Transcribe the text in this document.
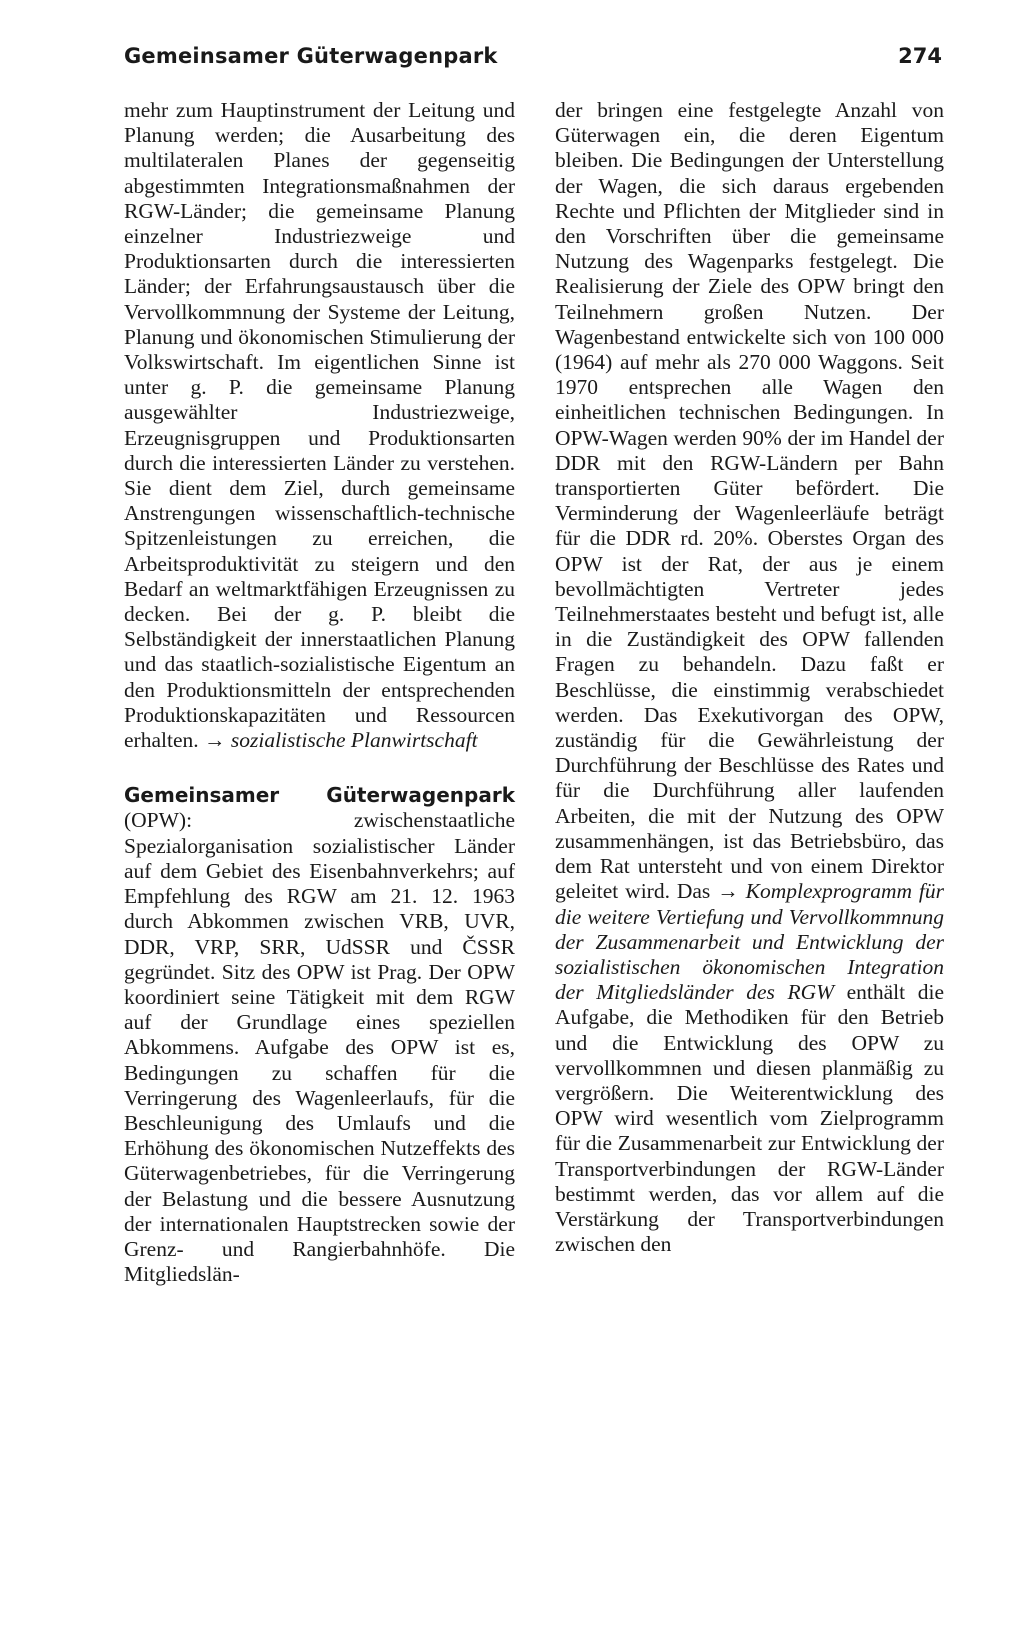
Gemeinsamer Güterwagenpark	274

mehr zum Hauptinstrument der Leitung und Planung werden; die Ausarbeitung des multilateralen Planes der gegenseitig abgestimmten Integrationsmaßnahmen der RGW-Länder; die gemeinsame Planung einzelner Industriezweige und Produktionsarten durch die interessierten Länder; der Erfahrungsaustausch über die Vervollkommnung der Systeme der Leitung, Planung und ökonomischen Stimulierung der Volkswirtschaft. Im eigentlichen Sinne ist unter g. P. die gemeinsame Planung ausgewählter Industriezweige, Erzeugnisgruppen und Produktionsarten durch die interessierten Länder zu verstehen. Sie dient dem Ziel, durch gemeinsame Anstrengungen wissenschaftlich-technische Spitzenleistungen zu erreichen, die Arbeitsproduktivität zu steigern und den Bedarf an weltmarktfähigen Erzeugnissen zu decken. Bei der g. P. bleibt die Selbständigkeit der innerstaatlichen Planung und das staatlich-sozialistische Eigentum an den Produktionsmitteln der entsprechenden Produktionskapazitäten und Ressourcen erhalten. → sozialistische Planwirtschaft

Gemeinsamer Güterwagenpark (OPW): zwischenstaatliche Spezialorganisation sozialistischer Länder auf dem Gebiet des Eisenbahnverkehrs; auf Empfehlung des RGW am 21. 12. 1963 durch Abkommen zwischen VRB, UVR, DDR, VRP, SRR, UdSSR und ČSSR gegründet. Sitz des OPW ist Prag. Der OPW koordiniert seine Tätigkeit mit dem RGW auf der Grundlage eines speziellen Abkommens. Aufgabe des OPW ist es, Bedingungen zu schaffen für die Verringerung des Wagenleerlaufs, für die Beschleunigung des Umlaufs und die Erhöhung des ökonomischen Nutzeffekts des Güterwagenbetriebes, für die Verringerung der Belastung und die bessere Ausnutzung der internationalen Hauptstrecken sowie der Grenz- und Rangierbahnhöfe. Die Mitgliedslän-

der bringen eine festgelegte Anzahl von Güterwagen ein, die deren Eigentum bleiben. Die Bedingungen der Unterstellung der Wagen, die sich daraus ergebenden Rechte und Pflichten der Mitglieder sind in den Vorschriften über die gemeinsame Nutzung des Wagenparks festgelegt. Die Realisierung der Ziele des OPW bringt den Teilnehmern großen Nutzen. Der Wagenbestand entwickelte sich von 100 000 (1964) auf mehr als 270 000 Waggons. Seit 1970 entsprechen alle Wagen den einheitlichen technischen Bedingungen. In OPW-Wagen werden 90% der im Handel der DDR mit den RGW-Ländern per Bahn transportierten Güter befördert. Die Verminderung der Wagenleerläufe beträgt für die DDR rd. 20%. Oberstes Organ des OPW ist der Rat, der aus je einem bevollmächtigten Vertreter jedes Teilnehmerstaates besteht und befugt ist, alle in die Zuständigkeit des OPW fallenden Fragen zu behandeln. Dazu faßt er Beschlüsse, die einstimmig verabschiedet werden. Das Exekutivorgan des OPW, zuständig für die Gewährleistung der Durchführung der Beschlüsse des Rates und für die Durchführung aller laufenden Arbeiten, die mit der Nutzung des OPW zusammenhängen, ist das Betriebsbüro, das dem Rat untersteht und von einem Direktor geleitet wird. Das → Komplexprogramm für die weitere Vertiefung und Vervollkommnung der Zusammenarbeit und Entwicklung der sozialistischen ökonomischen Integration der Mitgliedsländer des RGW enthält die Aufgabe, die Methodiken für den Betrieb und die Entwicklung des OPW zu vervollkommnen und diesen planmäßig zu vergrößern. Die Weiterentwicklung des OPW wird wesentlich vom Zielprogramm für die Zusammenarbeit zur Entwicklung der Transportverbindungen der RGW-Länder bestimmt werden, das vor allem auf die Verstärkung der Transportverbindungen zwischen den
